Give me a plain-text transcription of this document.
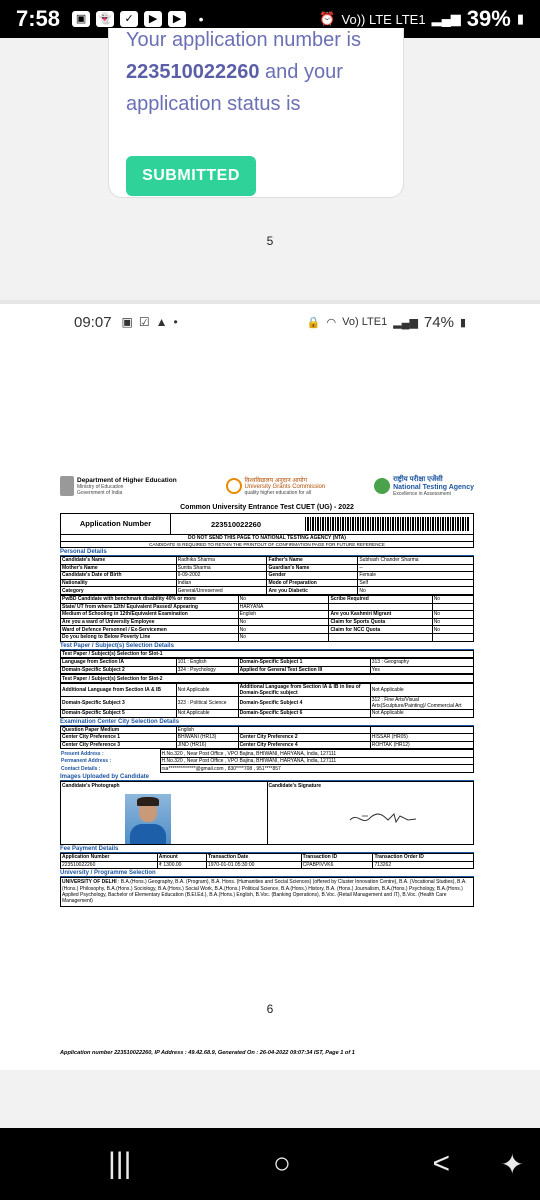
7:58	▣	👻	✓	▶	▶	•	⏰ Vo)) LTE LTE1 ▂▄▆ 39% ▮
Your application number is
223510022260 and your
application status is
SUBMITTED
5
09:07 ▣ ☑ ▲ •	🔒 ◠ Vo) LTE1 ▂▄▆ 74% ▮
Department of Higher Education
Ministry of Education
Government of India
विश्वविद्यालय अनुदान आयोग
University Grants Commission
quality higher education for all
राष्ट्रीय परीक्षा एजेंसी
National Testing Agency
Excellence in Assessment
Common University Entrance Test CUET (UG) - 2022
Application Number	223510022260
DO NOT SEND THIS PAGE TO NATIONAL TESTING AGENCY (NTA)
CANDIDATE IS REQUIRED TO RETAIN THE PRINTOUT OF CONFIRMATION PAGE FOR FUTURE REFERENCE
Personal Details
Candidate's Name	Radhika Sharma	Father's Name	Subhash Chander Sharma
Mother's Name	Sunita Sharma	Guardian's Name	--
Candidate's Date of Birth	9-09-2002	Gender	Female
Nationality	Indian	Mode of Preparation	Self
Category	General/Unreserved	Are you Diabetic	No
PwBD Candidate with benchmark disability 40% or more	No	Scribe Required	No
State/ UT from where 12th/ Equivalent Passed/ Appearing	HARYANA		
Medium of Schooling in 12th/Equivalent Examination	English	Are you Kashmiri Migrant	No
Are you a ward of University Employee	No	Claim for Sports Quota	No
Ward of Defence Personnel / Ex-Servicemen	No	Claim for NCC Quota	No
Do you belong to Below Poverty Line	No		
Test Paper / Subject(s) Selection Details
Test Paper / Subject(s) Selection for Slot-1
Language from Section IA	101 : English	Domain-Specific Subject 1	313 : Geography
Domain-Specific Subject 2	324 : Psychology	Applied for General Test Section III	Yes
Test Paper / Subject(s) Selection for Slot-2
Additional Language from Section IA & IB	Not Applicable	Additional Language from Section IA & IB in lieu of Domain-Specific subject	Not Applicable
Domain-Specific Subject 3	323 : Political Science	Domain-Specific Subject 4	312 : Fine Arts/Visual Arts(Sculpture/Painting)/ Commercial Art
Domain-Specific Subject 5	Not Applicable	Domain-Specific Subject 6	Not Applicable
Examination Center City Selection Details
Question Paper Medium	English		
Center City Preference 1	BHIWANI (HR13)	Center City Preference 2	HISSAR (HR05)
Center City Preference 3	JIND (HR16)	Center City Preference 4	ROHTAK (HR12)
Present Address :	H.No.320 , Near Post Office , VPO Bajina, BHIWANI, HARYANA, India, 127111
Permanent Address :	H.No.320 , Near Post Office , VPO Bajina, BHIWANI, HARYANA, India, 127111
Contact Details :	rsa**************@gmail.com , 830****708 , 951****857
Images Uploaded by Candidate
Candidate's Photograph	Candidate's Signature
Fee Payment Details
Application Number	Amount	Transaction Date	Transaction ID	Transaction Order ID
223510022260	₹ 1300.00	1970-01-01 05:30:00	CPABPIVVK6	713262
University / Programme Selection
UNIVERSITY OF DELHI : B.A.(Hons.) Geography, B.A. (Program), B.A. Hons. (Humanities and Social Sciences) (offered by Cluster Innovation Centre), B.A. (Vocational Studies), B.A.(Hons.) Philosophy, B.A.(Hons.) Sociology, B.A.(Hons.) Social Work, B.A.(Hons.) Political Science, B.A.(Hons.) History, B.A. (Hons.) Journalism, B.A.(Hons.) Psychology, B.A.(Hons.) Applied Psychology, Bachelor of Elementary Education (B.El.Ed.), B.A.(Hons.) English, B.Voc. (Banking Operations), B.Voc. (Retail Management and IT), B.Voc. (Health Care Management)
6
Application number 223510022260, IP Address : 49.42.68.9, Generated On : 26-04-2022 09:07:34 IST, Page 1 of 1
|||	○	< ✦
